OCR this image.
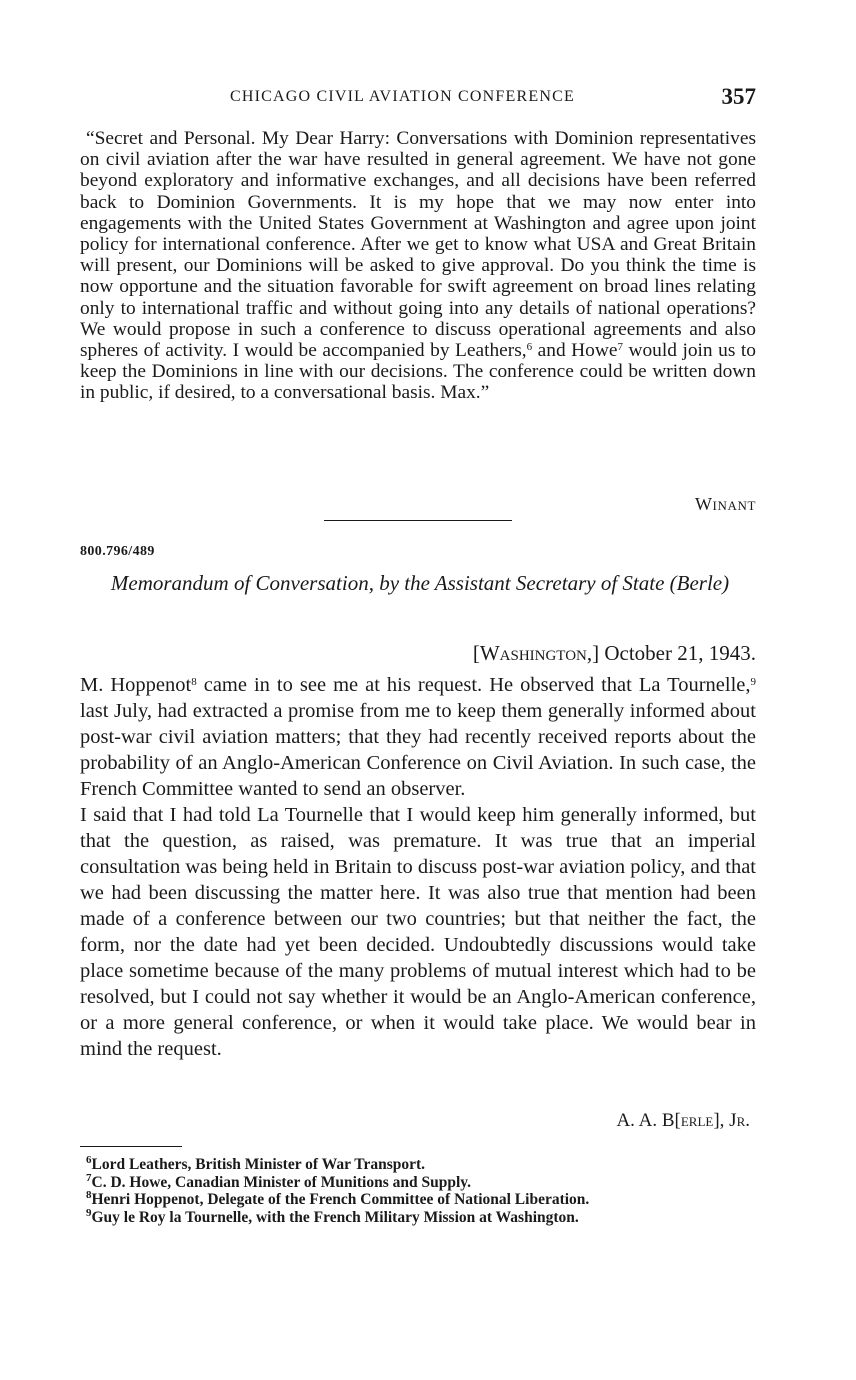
CHICAGO CIVIL AVIATION CONFERENCE	357
“Secret and Personal. My Dear Harry: Conversations with Dominion representatives on civil aviation after the war have resulted in general agreement. We have not gone beyond exploratory and informative exchanges, and all decisions have been referred back to Dominion Governments. It is my hope that we may now enter into engagements with the United States Government at Washington and agree upon joint policy for international conference. After we get to know what USA and Great Britain will present, our Dominions will be asked to give approval. Do you think the time is now opportune and the situation favorable for swift agreement on broad lines relating only to international traffic and without going into any details of national operations? We would propose in such a conference to discuss operational agreements and also spheres of activity. I would be accompanied by Leathers,$^6$ and Howe$^7$ would join us to keep the Dominions in line with our decisions. The conference could be written down in public, if desired, to a conversational basis. Max.”
Winant
800.796/489
Memorandum of Conversation, by the Assistant Secretary of State (Berle)
[Washington,] October 21, 1943.

M. Hoppenot$^8$ came in to see me at his request. He observed that La Tournelle,$^9$ last July, had extracted a promise from me to keep them generally informed about post-war civil aviation matters; that they had recently received reports about the probability of an Anglo-American Conference on Civil Aviation. In such case, the French Committee wanted to send an observer.

I said that I had told La Tournelle that I would keep him generally informed, but that the question, as raised, was premature. It was true that an imperial consultation was being held in Britain to discuss post-war aviation policy, and that we had been discussing the matter here. It was also true that mention had been made of a conference between our two countries; but that neither the fact, the form, nor the date had yet been decided. Undoubtedly discussions would take place sometime because of the many problems of mutual interest which had to be resolved, but I could not say whether it would be an Anglo-American conference, or a more general conference, or when it would take place. We would bear in mind the request.

A. A. B[erle], Jr.

$^6$Lord Leathers, British Minister of War Transport.

$^7$C. D. Howe, Canadian Minister of Munitions and Supply.

$^8$Henri Hoppenot, Delegate of the French Committee of National Liberation.

$^9$Guy le Roy la Tournelle, with the French Military Mission at Washington.
